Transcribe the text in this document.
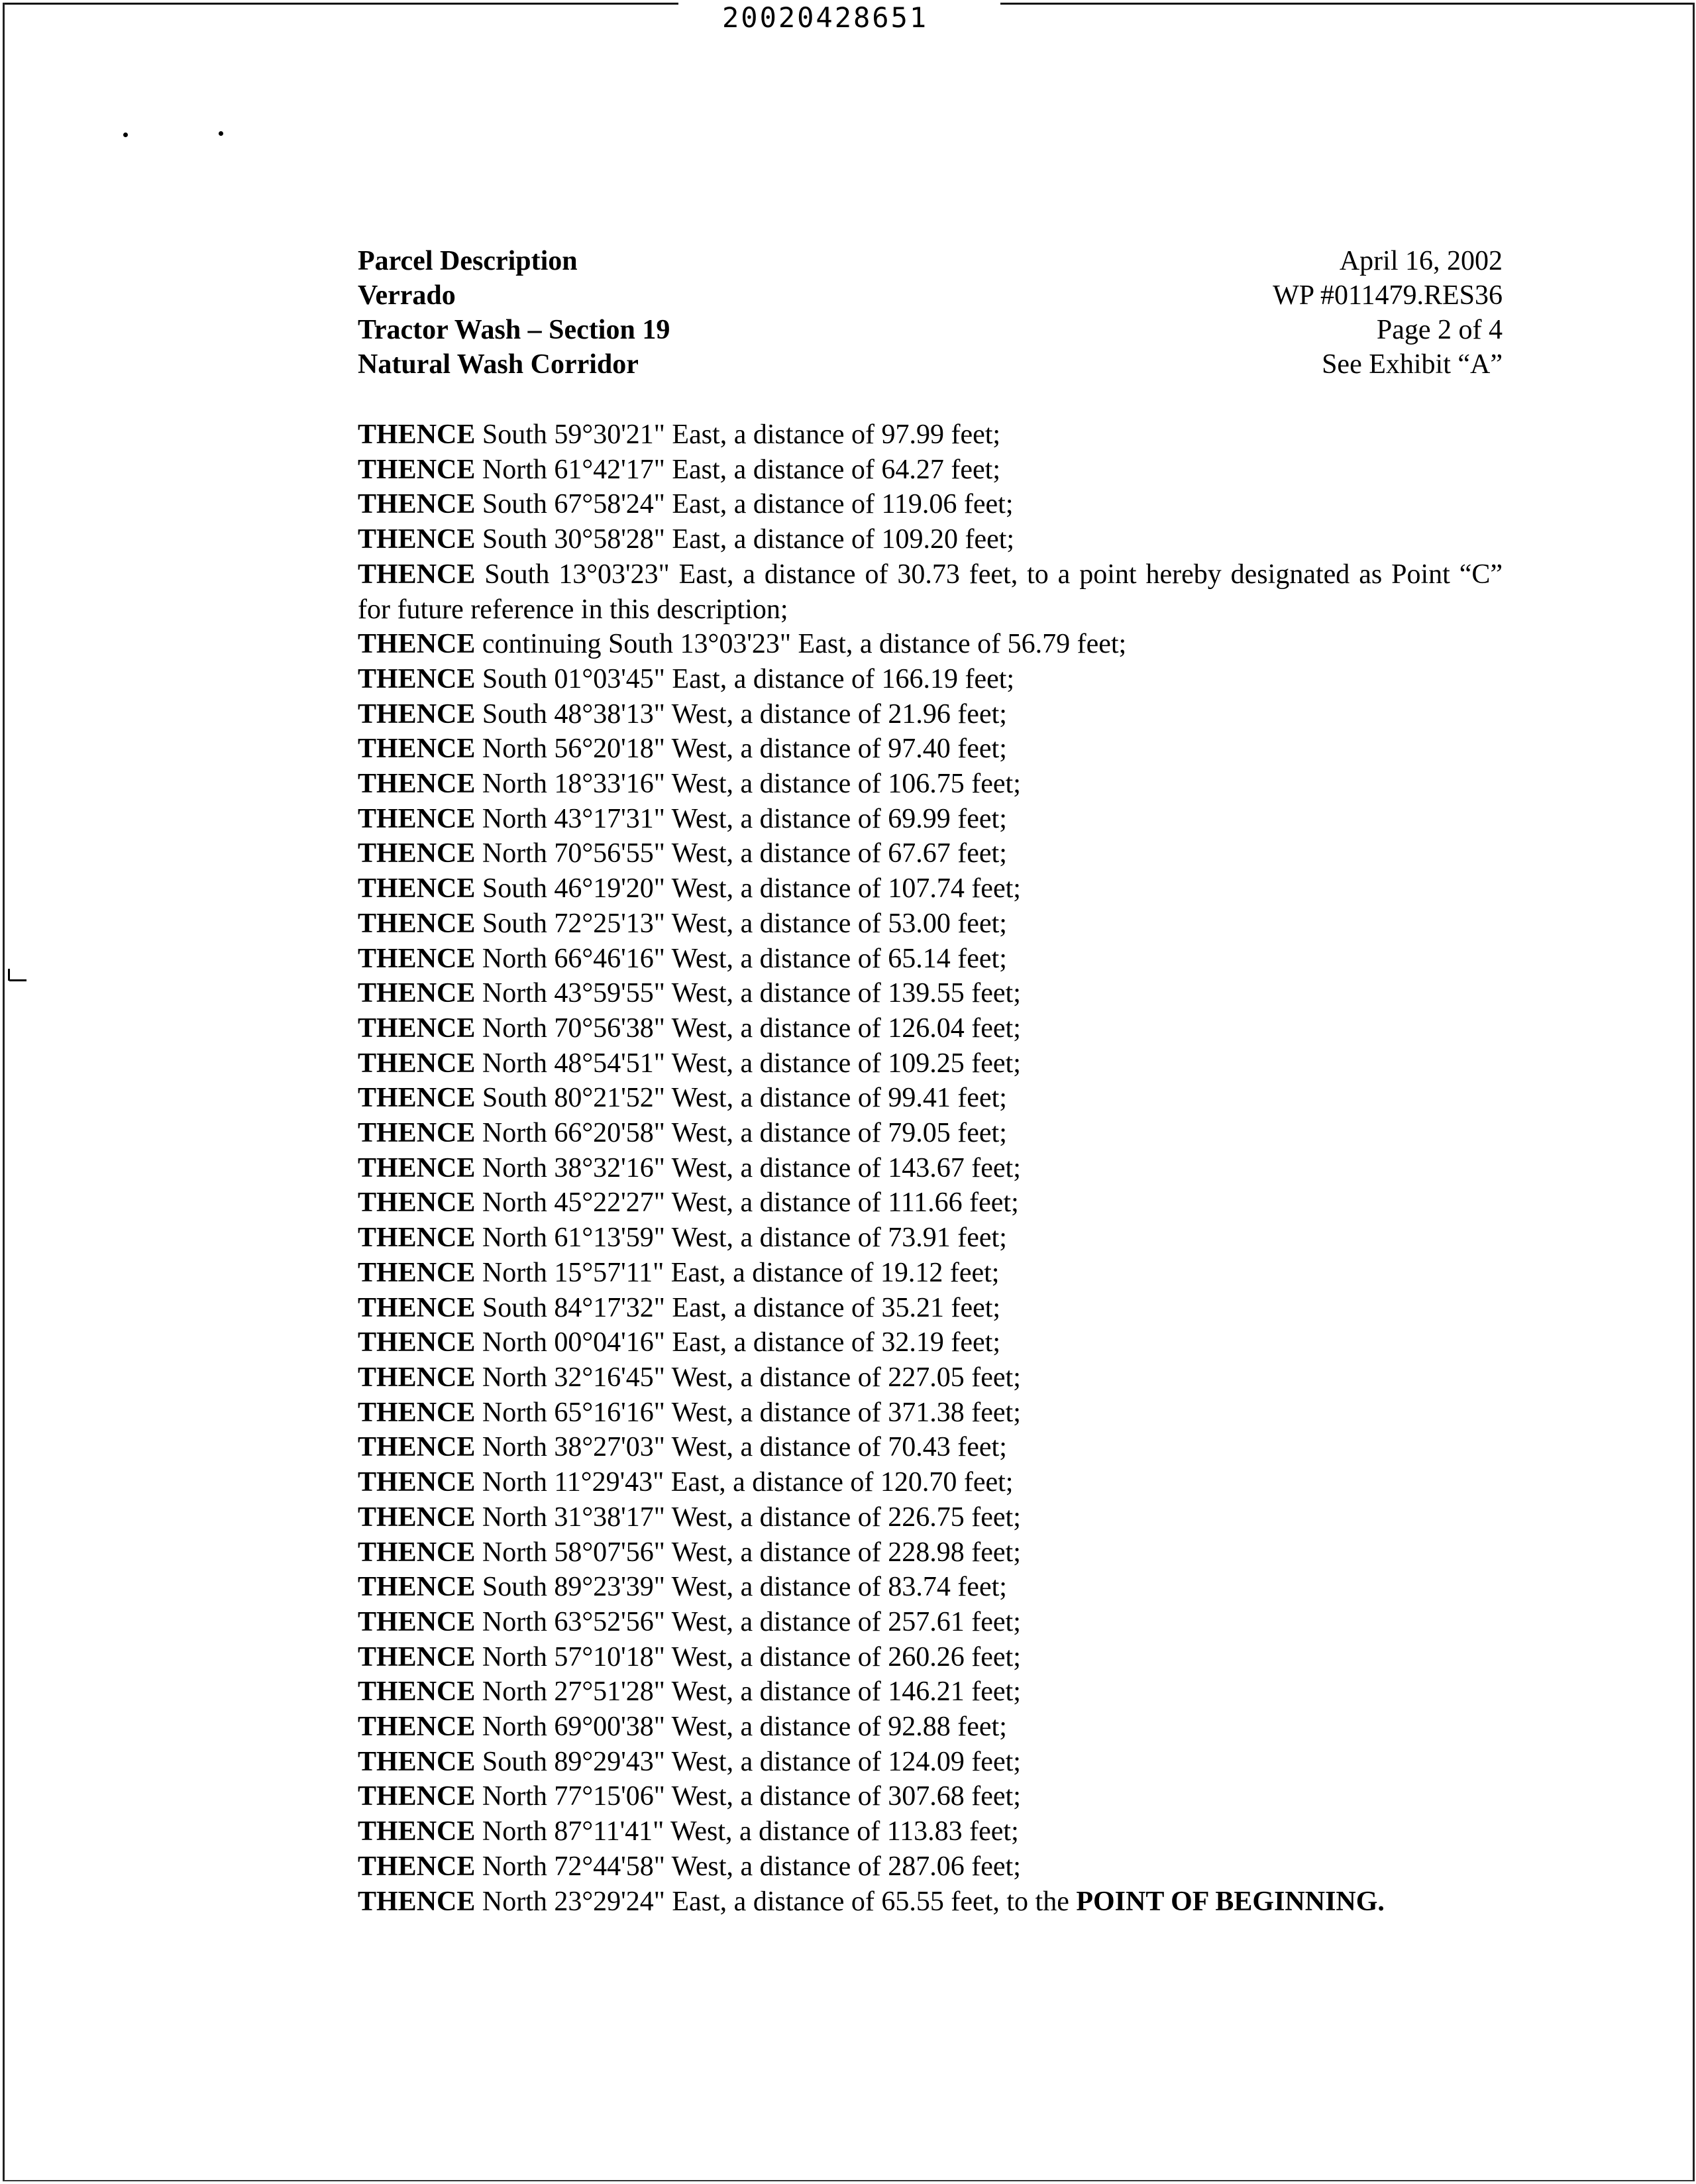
20020428651
Parcel Description
Verrado
Tractor Wash – Section 19
Natural Wash Corridor
April 16, 2002
WP #011479.RES36
Page 2 of 4
See Exhibit “A”
THENCE South 59°30'21" East, a distance of 97.99 feet;
THENCE North 61°42'17" East, a distance of 64.27 feet;
THENCE South 67°58'24" East, a distance of 119.06 feet;
THENCE South 30°58'28" East, a distance of 109.20 feet;
THENCE South 13°03'23" East, a distance of 30.73 feet, to a point hereby designated as Point “C” for future reference in this description;
THENCE continuing South 13°03'23" East, a distance of 56.79 feet;
THENCE South 01°03'45" East, a distance of 166.19 feet;
THENCE South 48°38'13" West, a distance of 21.96 feet;
THENCE North 56°20'18" West, a distance of 97.40 feet;
THENCE North 18°33'16" West, a distance of 106.75 feet;
THENCE North 43°17'31" West, a distance of 69.99 feet;
THENCE North 70°56'55" West, a distance of 67.67 feet;
THENCE South 46°19'20" West, a distance of 107.74 feet;
THENCE South 72°25'13" West, a distance of 53.00 feet;
THENCE North 66°46'16" West, a distance of 65.14 feet;
THENCE North 43°59'55" West, a distance of 139.55 feet;
THENCE North 70°56'38" West, a distance of 126.04 feet;
THENCE North 48°54'51" West, a distance of 109.25 feet;
THENCE South 80°21'52" West, a distance of 99.41 feet;
THENCE North 66°20'58" West, a distance of 79.05 feet;
THENCE North 38°32'16" West, a distance of 143.67 feet;
THENCE North 45°22'27" West, a distance of 111.66 feet;
THENCE North 61°13'59" West, a distance of 73.91 feet;
THENCE North 15°57'11" East, a distance of 19.12 feet;
THENCE South 84°17'32" East, a distance of 35.21 feet;
THENCE North 00°04'16" East, a distance of 32.19 feet;
THENCE North 32°16'45" West, a distance of 227.05 feet;
THENCE North 65°16'16" West, a distance of 371.38 feet;
THENCE North 38°27'03" West, a distance of 70.43 feet;
THENCE North 11°29'43" East, a distance of 120.70 feet;
THENCE North 31°38'17" West, a distance of 226.75 feet;
THENCE North 58°07'56" West, a distance of 228.98 feet;
THENCE South 89°23'39" West, a distance of 83.74 feet;
THENCE North 63°52'56" West, a distance of 257.61 feet;
THENCE North 57°10'18" West, a distance of 260.26 feet;
THENCE North 27°51'28" West, a distance of 146.21 feet;
THENCE North 69°00'38" West, a distance of 92.88 feet;
THENCE South 89°29'43" West, a distance of 124.09 feet;
THENCE North 77°15'06" West, a distance of 307.68 feet;
THENCE North 87°11'41" West, a distance of 113.83 feet;
THENCE North 72°44'58" West, a distance of 287.06 feet;
THENCE North 23°29'24" East, a distance of 65.55 feet, to the POINT OF BEGINNING.
